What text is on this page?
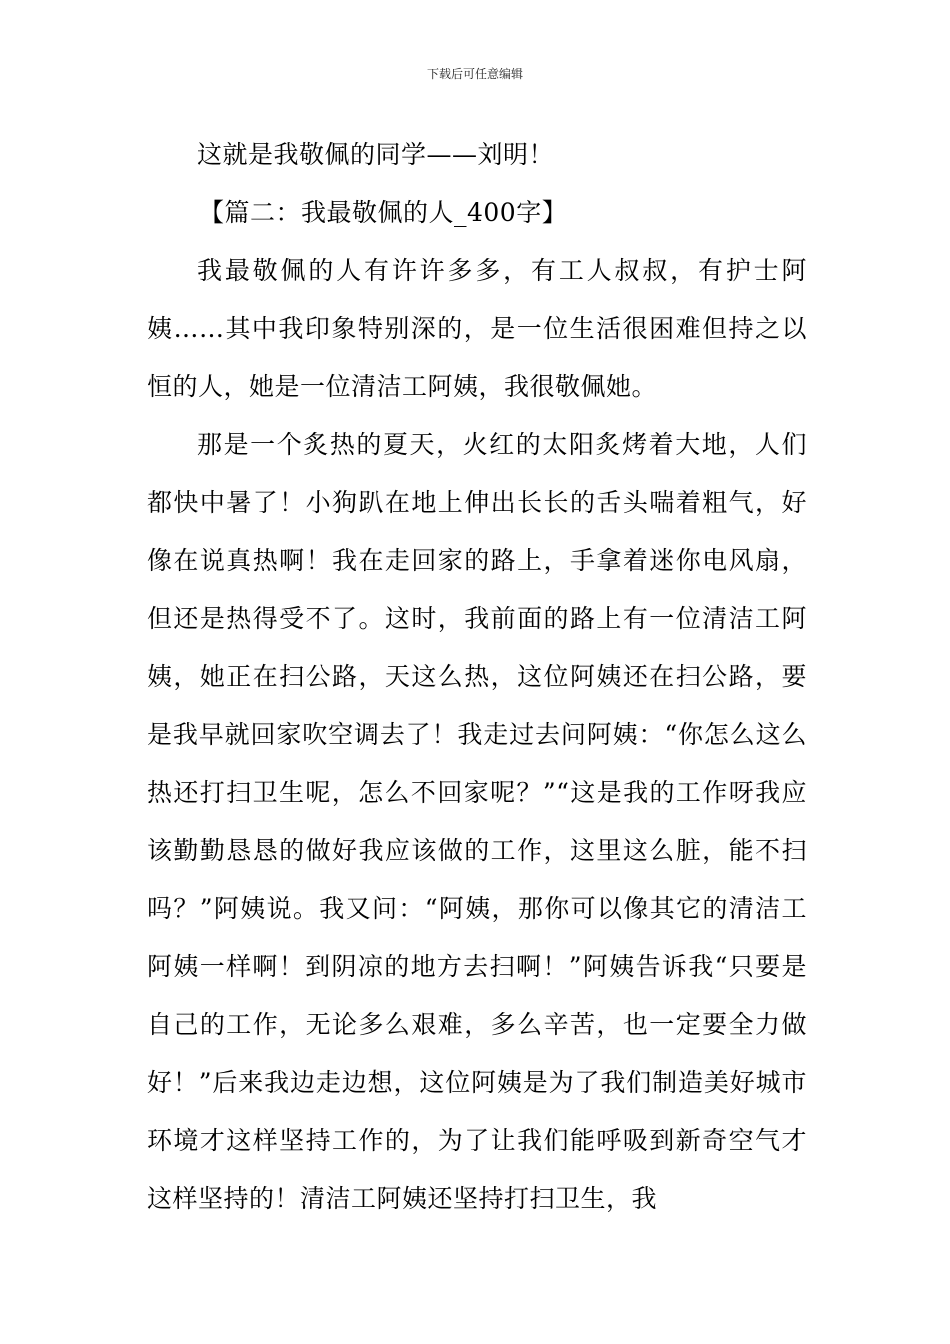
下载后可任意编辑

这就是我敬佩的同学——刘明！

【篇二：我最敬佩的人_400字】

我最敬佩的人有许许多多，有工人叔叔，有护士阿姨……其中我印象特别深的，是一位生活很困难但持之以恒的人，她是一位清洁工阿姨，我很敬佩她。

那是一个炙热的夏天，火红的太阳炙烤着大地，人们都快中暑了！小狗趴在地上伸出长长的舌头喘着粗气，好像在说真热啊！我在走回家的路上，手拿着迷你电风扇，但还是热得受不了。这时，我前面的路上有一位清洁工阿姨，她正在扫公路，天这么热，这位阿姨还在扫公路，要是我早就回家吹空调去了！我走过去问阿姨：“你怎么这么热还打扫卫生呢，怎么不回家呢？”“这是我的工作呀我应该勤勤恳恳的做好我应该做的工作，这里这么脏，能不扫吗？”阿姨说。我又问：“阿姨，那你可以像其它的清洁工阿姨一样啊！到阴凉的地方去扫啊！”阿姨告诉我“只要是自己的工作，无论多么艰难，多么辛苦，也一定要全力做好！”后来我边走边想，这位阿姨是为了我们制造美好城市环境才这样坚持工作的，为了让我们能呼吸到新奇空气才这样坚持的！清洁工阿姨还坚持打扫卫生，我
